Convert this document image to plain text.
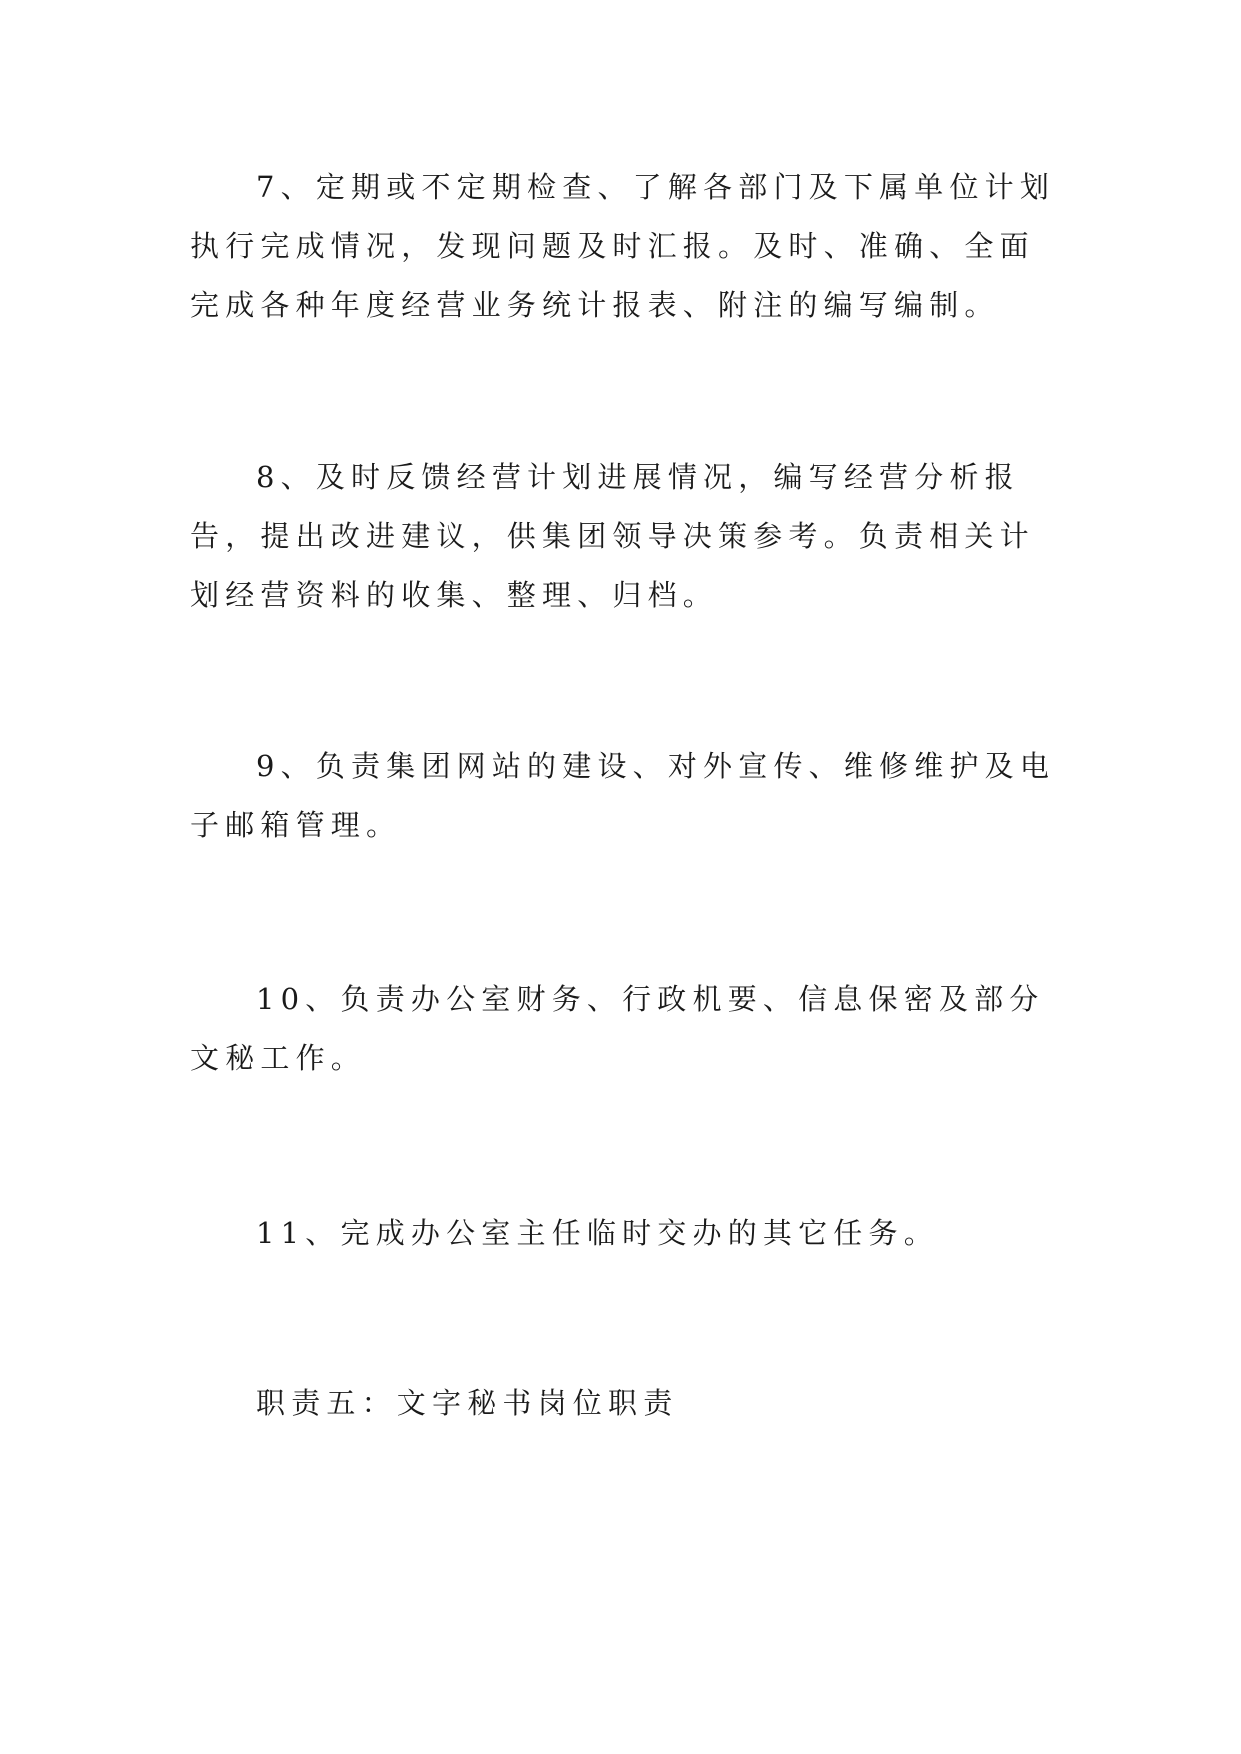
7、定期或不定期检查、了解各部门及下属单位计划执行完成情况，发现问题及时汇报。及时、准确、全面完成各种年度经营业务统计报表、附注的编写编制。

8、及时反馈经营计划进展情况，编写经营分析报告，提出改进建议，供集团领导决策参考。负责相关计划经营资料的收集、整理、归档。

9、负责集团网站的建设、对外宣传、维修维护及电子邮箱管理。

10、负责办公室财务、行政机要、信息保密及部分文秘工作。

11、完成办公室主任临时交办的其它任务。

职责五：文字秘书岗位职责
